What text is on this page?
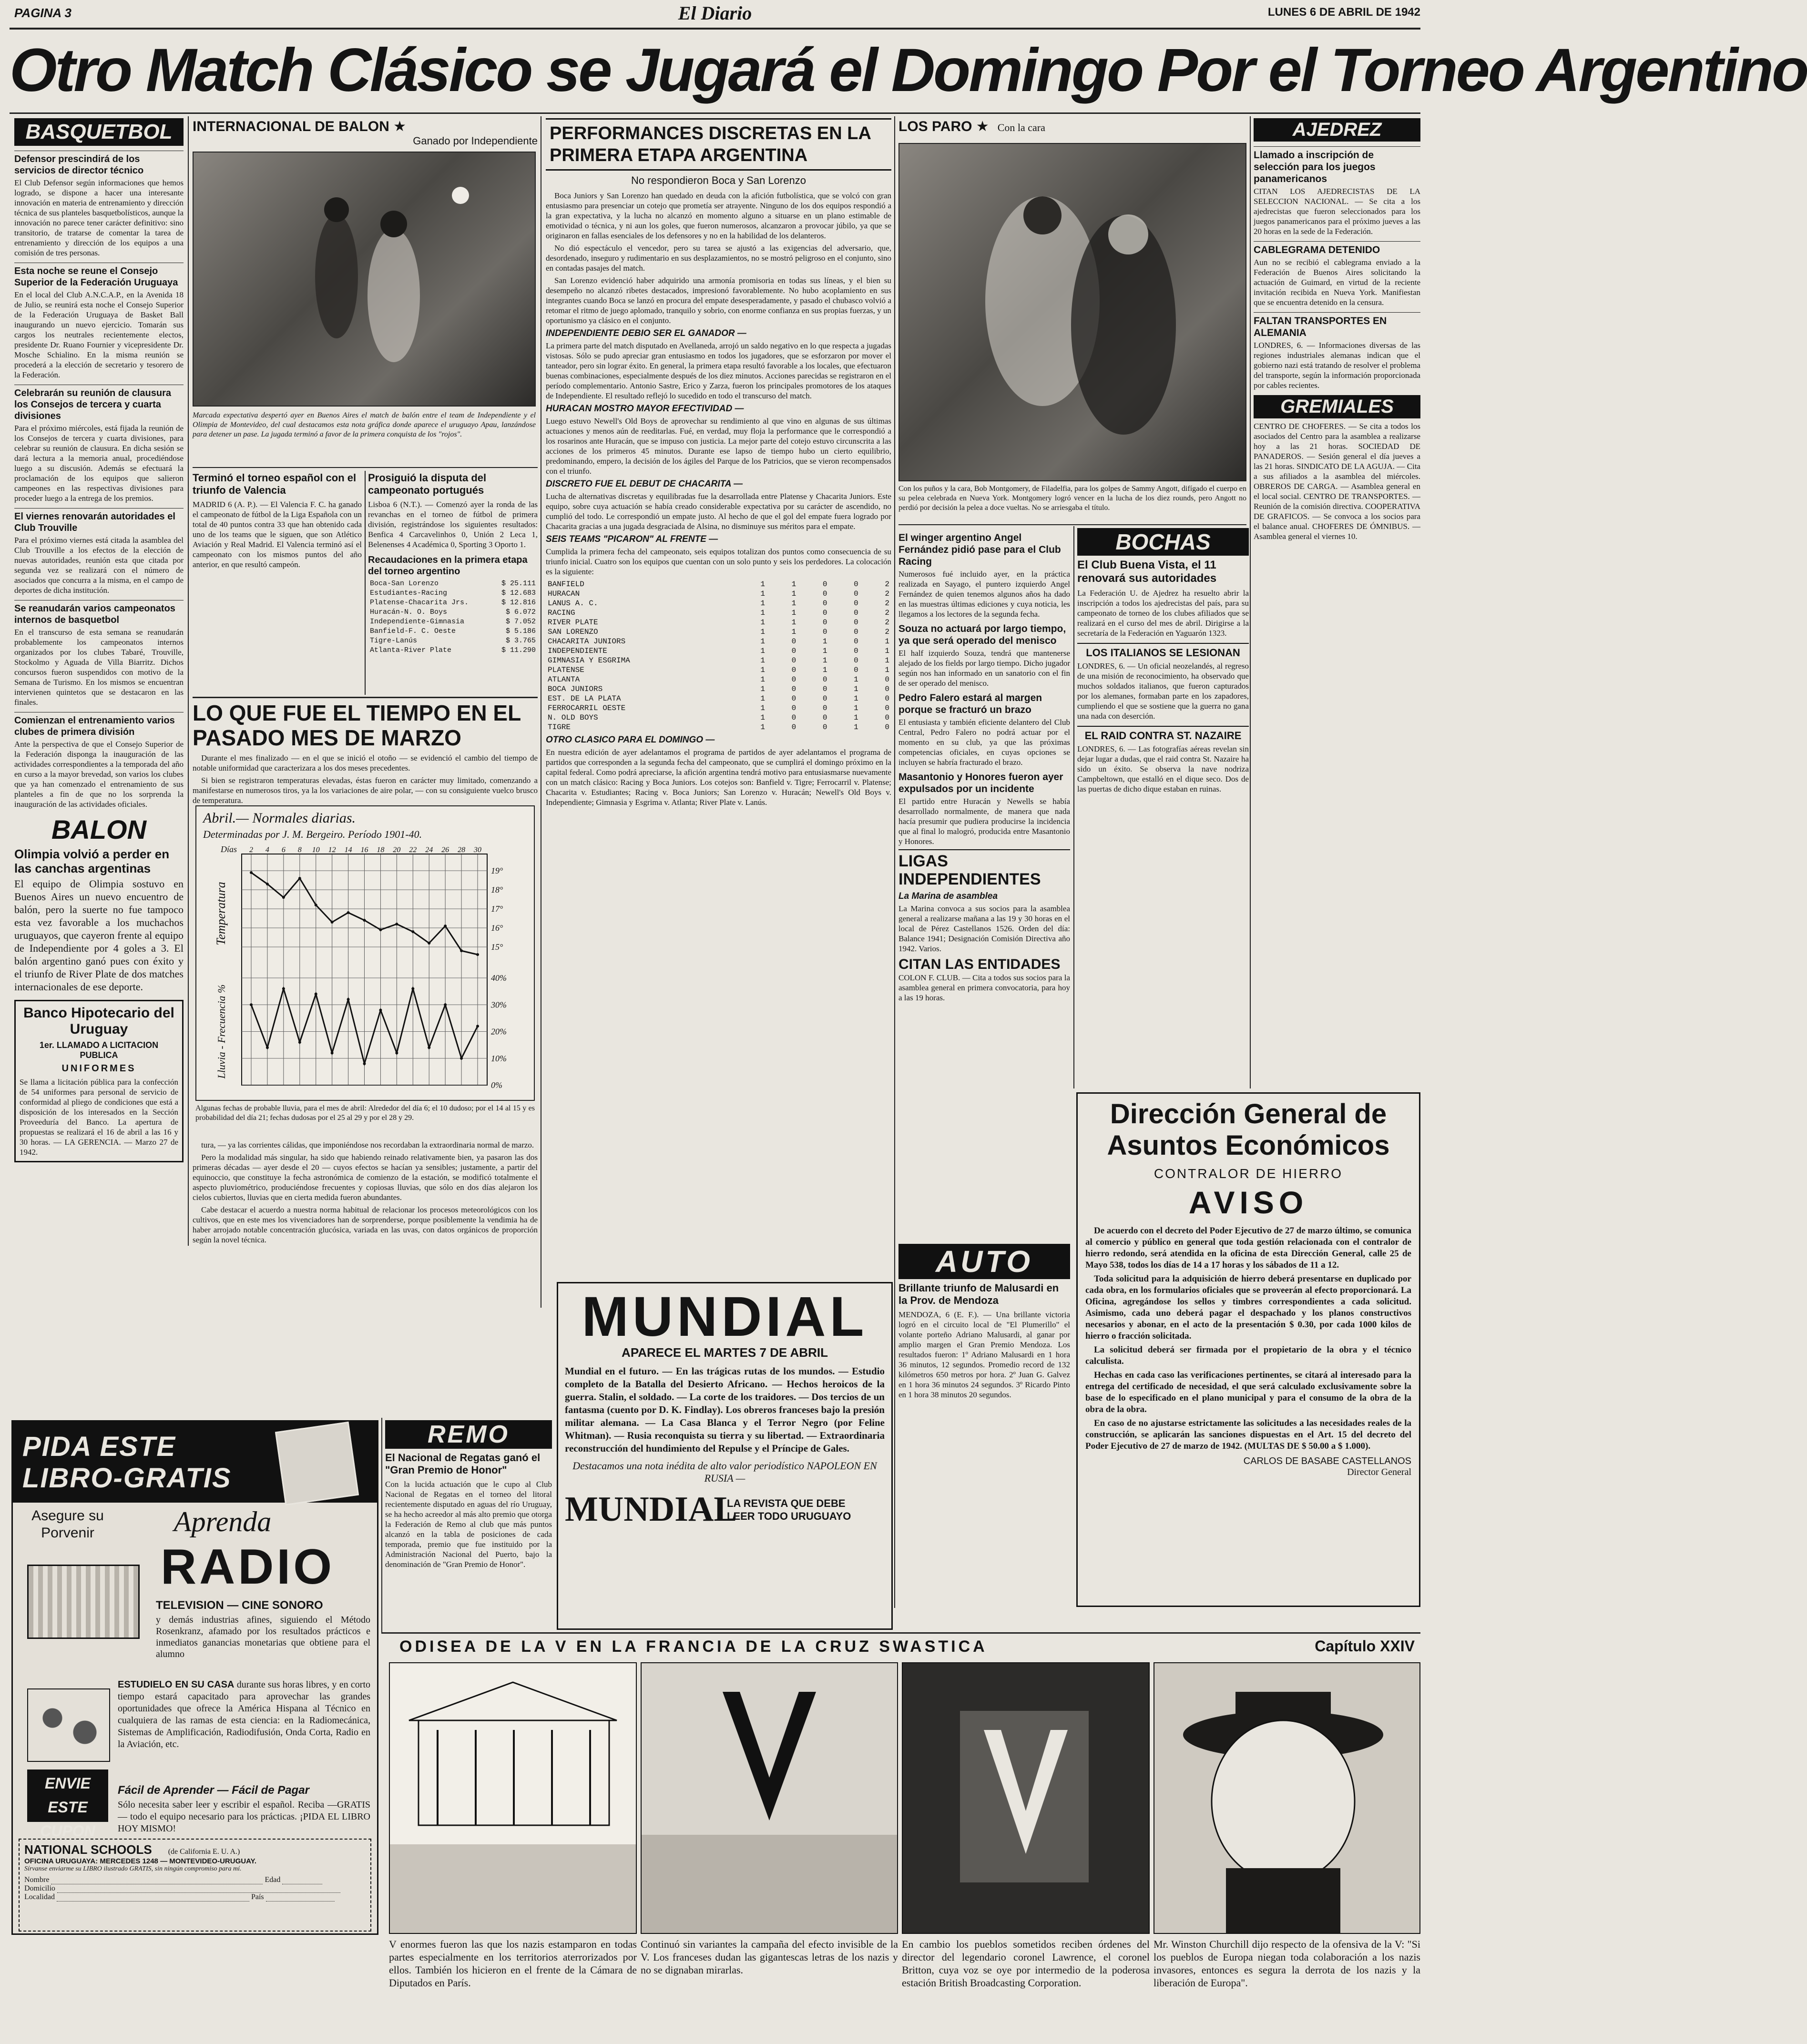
PAGINA 3	El Diario	LUNES 6 DE ABRIL DE 1942
Otro Match Clásico se Jugará el Domingo Por el Torneo Argentino
BASQUETBOL
Defensor prescindirá de los servicios de director técnico
El Club Defensor según informaciones que hemos logrado, se dispone a hacer una interesante innovación en materia de entrenamiento y dirección técnica de sus planteles basquetbolísticos, aunque la innovación no parece tener carácter definitivo: sino transitorio, de tratarse de comentar la tarea de entrenamiento y dirección de los equipos a una comisión de tres personas.
Esta noche se reune el Consejo Superior de la Federación Uruguaya
En el local del Club A.N.C.A.P., en la Avenida 18 de Julio, se reunirá esta noche el Consejo Superior de la Federación Uruguaya de Basket Ball inaugurando un nuevo ejercicio. Tomarán sus cargos los neutrales recientemente electos, presidente Dr. Ruano Fournier y vicepresidente Dr. Mosche Schialino. En la misma reunión se procederá a la elección de secretario y tesorero de la Federación.
Celebrarán su reunión de clausura los Consejos de tercera y cuarta divisiones
Para el próximo miércoles, está fijada la reunión de los Consejos de tercera y cuarta divisiones, para celebrar su reunión de clausura. En dicha sesión se dará lectura a la memoria anual, procediéndose luego a su discusión. Además se efectuará la proclamación de los equipos que salieron campeones en las respectivas divisiones para proceder luego a la entrega de los premios.
El viernes renovarán autoridades el Club Trouville
Para el próximo viernes está citada la asamblea del Club Trouville a los efectos de la elección de nuevas autoridades, reunión esta que citada por segunda vez se realizará con el número de asociados que concurra a la misma, en el campo de deportes de dicha institución.
Se reanudarán varios campeonatos internos de basquetbol
En el transcurso de esta semana se reanudarán probablemente los campeonatos internos organizados por los clubes Tabaré, Trouville, Stockolmo y Aguada de Villa Biarritz. Dichos concursos fueron suspendidos con motivo de la Semana de Turismo. En los mismos se encuentran intervienen quintetos que se destacaron en las finales.
Comienzan el entrenamiento varios clubes de primera división
Ante la perspectiva de que el Consejo Superior de la Federación disponga la inauguración de las actividades correspondientes a la temporada del año en curso a la mayor brevedad, son varios los clubes que ya han comenzado el entrenamiento de sus planteles a fin de que no los sorprenda la inauguración de las actividades oficiales.
BALON
Olimpia volvió a perder en las canchas argentinas
El equipo de Olimpia sostuvo en Buenos Aires un nuevo encuentro de balón, pero la suerte no fue tampoco esta vez favorable a los muchachos uruguayos, que cayeron frente al equipo de Independiente por 4 goles a 3. El balón argentino ganó pues con éxito y el triunfo de River Plate de dos matches internacionales de ese deporte.
Banco Hipotecario del Uruguay
1er. LLAMADO A LICITACION PUBLICA
UNIFORMES
Se llama a licitación pública para la confección de 54 uniformes para personal de servicio de conformidad al pliego de condiciones que está a disposición de los interesados en la Sección Proveeduría del Banco. La apertura de propuestas se realizará el 16 de abril a las 16 y 30 horas. — LA GERENCIA. — Marzo 27 de 1942.
INTERNACIONAL DE BALON ★
Ganado por Independiente
Marcada expectativa despertó ayer en Buenos Aires el match de balón entre el team de Independiente y el Olimpia de Montevideo, del cual destacamos esta nota gráfica donde aparece el uruguayo Apau, lanzándose para detener un pase. La jugada terminó a favor de la primera conquista de los "rojos".
Terminó el torneo español con el triunfo de Valencia
MADRID 6 (A. P.). — El Valencia F. C. ha ganado el campeonato de fútbol de la Liga Española con un total de 40 puntos contra 33 que han obtenido cada uno de los teams que le siguen, que son Atlético Aviación y Real Madrid. El Valencia terminó así el campeonato con los mismos puntos del año anterior, en que resultó campeón.
Prosiguió la disputa del campeonato portugués
Lisboa 6 (N.T.). — Comenzó ayer la ronda de las revanchas en el torneo de fútbol de primera división, registrándose los siguientes resultados: Benfica 4 Carcavelinhos 0, Unión 2 Leca 1, Belenenses 4 Académica 0, Sporting 3 Oporto 1.
Recaudaciones en la primera etapa del torneo argentino
Boca-San Lorenzo	$ 25.111
Estudiantes-Racing	$ 12.683
Platense-Chacarita Jrs.	$ 12.816
Huracán-N. O. Boys	$ 6.072
Independiente-Gimnasia	$ 7.052
Banfield-F. C. Oeste	$ 5.186
Tigre-Lanús	$ 3.765
Atlanta-River Plate	$ 11.290
LO QUE FUE EL TIEMPO EN EL PASADO MES DE MARZO

Durante el mes finalizado — en el que se inició el otoño — se evidenció el cambio del tiempo de notable uniformidad que caracterizara a los dos meses precedentes.

Si bien se registraron temperaturas elevadas, éstas fueron en carácter muy limitado, comenzando a manifestarse en numerosos tiros, ya la los variaciones de aire polar, — con su consiguiente vuelco brusco de temperatura.

Abril.— Normales diarias.
Determinadas por J. M. Bergeiro. Período 1901-40.
Días 2 4 6 8 10 12 14 16 18 20 22 24 26 28 30
19°
18°
17°
16°
15°
40%
30%
20%
10%
0%
Temperatura
Lluvia - Frecuencia %
Algunas fechas de probable lluvia, para el mes de abril: Alrededor del día 6; el 10 dudoso; por el 14 al 15 y es probabilidad del día 21; fechas dudosas por el 25 al 29 y por el 28 y 29.

tura, — ya las corrientes cálidas, que imponiéndose nos recordaban la extraordinaria normal de marzo.

Pero la modalidad más singular, ha sido que habiendo reinado relativamente bien, ya pasaron las dos primeras décadas — ayer desde el 20 — cuyos efectos se hacían ya sensibles; justamente, a partir del equinoccio, que constituye la fecha astronómica de comienzo de la estación, se modificó totalmente el aspecto pluviométrico, produciéndose frecuentes y copiosas lluvias, que sólo en dos días alejaron los cielos cubiertos, lluvias que en cierta medida fueron abundantes.

Cabe destacar el acuerdo a nuestra norma habitual de relacionar los procesos meteorológicos con los cultivos, que en este mes los vivenciadores han de sorprenderse, porque posiblemente la vendimia ha de haber arrojado notable concentración glucósica, variada en las uvas, con datos orgánicos de proporción según la novel técnica.

PERFORMANCES DISCRETAS EN LA PRIMERA ETAPA ARGENTINA
No respondieron Boca y San Lorenzo

Boca Juniors y San Lorenzo han quedado en deuda con la afición futbolística, que se volcó con gran entusiasmo para presenciar un cotejo que prometía ser atrayente. Ninguno de los dos equipos respondió a la gran expectativa, y la lucha no alcanzó en momento alguno a situarse en un plano estimable de emotividad o técnica, y ni aun los goles, que fueron numerosos, alcanzaron a provocar júbilo, ya que se originaron en fallas esenciales de los defensores y no en la habilidad de los delanteros.

No dió espectáculo el vencedor, pero su tarea se ajustó a las exigencias del adversario, que, desordenado, inseguro y rudimentario en sus desplazamientos, no se mostró peligroso en el conjunto, sino en contadas pasajes del match.

San Lorenzo evidenció haber adquirido una armonía promisoria en todas sus líneas, y el bien su desempeño no alcanzó ribetes destacados, impresionó favorablemente. No hubo acoplamiento en sus integrantes cuando Boca se lanzó en procura del empate desesperadamente, y pasado el chubasco volvió a retomar el ritmo de juego aplomado, tranquilo y sobrio, con enorme confianza en sus propias fuerzas, y un oportunismo ya clásico en el conjunto.

INDEPENDIENTE DEBIO SER EL GANADOR —
La primera parte del match disputado en Avellaneda, arrojó un saldo negativo en lo que respecta a jugadas vistosas. Sólo se pudo apreciar gran entusiasmo en todos los jugadores, que se esforzaron por mover el tanteador, pero sin lograr éxito. En general, la primera etapa resultó favorable a los locales, que efectuaron buenas combinaciones, especialmente después de los diez minutos. Acciones parecidas se registraron en el período complementario. Antonio Sastre, Erico y Zarza, fueron los principales promotores de los ataques de Independiente. El resultado reflejó lo sucedido en todo el transcurso del match.
HURACAN MOSTRO MAYOR EFECTIVIDAD —
Luego estuvo Newell's Old Boys de aprovechar su rendimiento al que vino en algunas de sus últimas actuaciones y menos aún de reeditarlas. Fué, en verdad, muy floja la performance que le correspondió a los rosarinos ante Huracán, que se impuso con justicia. La mejor parte del cotejo estuvo circunscrita a las acciones de los primeros 45 minutos. Durante ese lapso de tiempo hubo un cierto equilibrio, predominando, empero, la decisión de los ágiles del Parque de los Patricios, que se vieron recompensados con el triunfo.
DISCRETO FUE EL DEBUT DE CHACARITA —
Lucha de alternativas discretas y equilibradas fue la desarrollada entre Platense y Chacarita Juniors. Este equipo, sobre cuya actuación se había creado considerable expectativa por su carácter de ascendido, no cumplió del todo. Le correspondió un empate justo. Al hecho de que el gol del empate fuera logrado por Chacarita gracias a una jugada desgraciada de Alsina, no disminuye sus méritos para el empate.
SEIS TEAMS "PICARON" AL FRENTE —
Cumplida la primera fecha del campeonato, seis equipos totalizan dos puntos como consecuencia de su triunfo inicial. Cuatro son los equipos que cuentan con un solo punto y seis los perdedores. La colocación es la siguiente:
BANFIELD	1	1	0	0	2
HURACAN	1	1	0	0	2
LANUS A. C.	1	1	0	0	2
RACING	1	1	0	0	2
RIVER PLATE	1	1	0	0	2
SAN LORENZO	1	1	0	0	2
CHACARITA JUNIORS	1	0	1	0	1
INDEPENDIENTE	1	0	1	0	1
GIMNASIA Y ESGRIMA	1	0	1	0	1
PLATENSE	1	0	1	0	1
ATLANTA	1	0	0	1	0
BOCA JUNIORS	1	0	0	1	0
EST. DE LA PLATA	1	0	0	1	0
FERROCARRIL OESTE	1	0	0	1	0
N. OLD BOYS	1	0	0	1	0
TIGRE	1	0	0	1	0
OTRO CLASICO PARA EL DOMINGO —
En nuestra edición de ayer adelantamos el programa de partidos de ayer adelantamos el programa de partidos que corresponden a la segunda fecha del campeonato, que se cumplirá el domingo próximo en la capital federal. Como podrá apreciarse, la afición argentina tendrá motivo para entusiasmarse nuevamente con un match clásico: Racing y Boca Juniors. Los cotejos son: Banfield v. Tigre; Ferrocarril v. Platense; Chacarita v. Estudiantes; Racing v. Boca Juniors; San Lorenzo v. Huracán; Newell's Old Boys v. Independiente; Gimnasia y Esgrima v. Atlanta; River Plate v. Lanús.
LOS PARO ★ Con la cara
Con los puños y la cara, Bob Montgomery, de Filadelfia, para los golpes de Sammy Angott, difígado el cuerpo en su pelea celebrada en Nueva York. Montgomery logró vencer en la lucha de los diez rounds, pero Angott no perdió por decisión la pelea a doce vueltas. No se arriesgaba el título.
El winger argentino Angel Fernández pidió pase para el Club Racing
Numerosos fué incluido ayer, en la práctica realizada en Sayago, el puntero izquierdo Angel Fernández de quien tenemos algunos años ha dado en las muestras últimas ediciones y cuya noticia, les llegamos a los lectores de la segunda fecha.
Souza no actuará por largo tiempo, ya que será operado del menisco
El half izquierdo Souza, tendrá que mantenerse alejado de los fields por largo tiempo. Dicho jugador según nos han informado en un sanatorio con el fin de ser operado del menisco.
Pedro Falero estará al margen porque se fracturó un brazo
El entusiasta y también eficiente delantero del Club Central, Pedro Falero no podrá actuar por el momento en su club, ya que las próximas competencias oficiales, en cuyas opciones se incluyen se habría fracturado el brazo.
Masantonio y Honores fueron ayer expulsados por un incidente
El partido entre Huracán y Newells se había desarrollado normalmente, de manera que nada hacía presumir que pudiera producirse la incidencia que al final lo malogró, producida entre Masantonio y Honores.
LIGAS INDEPENDIENTES
La Marina de asamblea
La Marina convoca a sus socios para la asamblea general a realizarse mañana a las 19 y 30 horas en el local de Pérez Castellanos 1526. Orden del día: Balance 1941; Designación Comisión Directiva año 1942. Varios.
CITAN LAS ENTIDADES
COLON F. CLUB. — Cita a todos sus socios para la asamblea general en primera convocatoria, para hoy a las 19 horas.
BOCHAS
El Club Buena Vista, el 11 renovará sus autoridades
La Federación U. de Ajedrez ha resuelto abrir la inscripción a todos los ajedrecistas del país, para su campeonato de torneo de los clubes afiliados que se realizará en el curso del mes de abril. Dirigirse a la secretaría de la Federación en Yaguarón 1323.
LOS ITALIANOS SE LESIONAN
LONDRES, 6. — Un oficial neozelandés, al regreso de una misión de reconocimiento, ha observado que muchos soldados italianos, que fueron capturados por los alemanes, formaban parte en los zapadores, cumpliendo el que se sostiene que la guerra no gana una nada con deserción.
EL RAID CONTRA ST. NAZAIRE
LONDRES, 6. — Las fotografías aéreas revelan sin dejar lugar a dudas, que el raid contra St. Nazaire ha sido un éxito. Se observa la nave nodriza Campbeltown, que estalló en el dique seco. Dos de las puertas de dicho dique estaban en ruinas.
AUTO
Brillante triunfo de Malusardi en la Prov. de Mendoza
MENDOZA, 6 (E. F.). — Una brillante victoria logró en el circuito local de "El Plumerillo" el volante porteño Adriano Malusardi, al ganar por amplio margen el Gran Premio Mendoza. Los resultados fueron: 1º Adriano Malusardi en 1 hora 36 minutos, 12 segundos. Promedio record de 132 kilómetros 650 metros por hora. 2º Juan G. Galvez en 1 hora 36 minutos 24 segundos. 3º Ricardo Pinto en 1 hora 38 minutos 20 segundos.
AJEDREZ
Llamado a inscripción de selección para los juegos panamericanos
CITAN LOS AJEDRECISTAS DE LA SELECCION NACIONAL. — Se cita a los ajedrecistas que fueron seleccionados para los juegos panamericanos para el próximo jueves a las 20 horas en la sede de la Federación.
CABLEGRAMA DETENIDO
Aun no se recibió el cablegrama enviado a la Federación de Buenos Aires solicitando la actuación de Guimard, en virtud de la reciente invitación recibida en Nueva York. Manifiestan que se encuentra detenido en la censura.
FALTAN TRANSPORTES EN ALEMANIA
LONDRES, 6. — Informaciones diversas de las regiones industriales alemanas indican que el gobierno nazi está tratando de resolver el problema del transporte, según la información proporcionada por cables recientes.
GREMIALES
CENTRO DE CHOFERES. — Se cita a todos los asociados del Centro para la asamblea a realizarse hoy a las 21 horas. SOCIEDAD DE PANADEROS. — Sesión general el día jueves a las 21 horas. SINDICATO DE LA AGUJA. — Cita a sus afiliados a la asamblea del miércoles. OBREROS DE CARGA. — Asamblea general en el local social. CENTRO DE TRANSPORTES. — Reunión de la comisión directiva. COOPERATIVA DE GRAFICOS. — Se convoca a los socios para el balance anual. CHOFERES DE ÓMNIBUS. — Asamblea general el viernes 10.
Dirección General de
Asuntos Económicos
CONTRALOR DE HIERRO
AVISO

De acuerdo con el decreto del Poder Ejecutivo de 27 de marzo último, se comunica al comercio y público en general que toda gestión relacionada con el contralor de hierro redondo, será atendida en la oficina de esta Dirección General, calle 25 de Mayo 538, todos los días de 14 a 17 horas y los sábados de 11 a 12.

Toda solicitud para la adquisición de hierro deberá presentarse en duplicado por cada obra, en los formularios oficiales que se proveerán al efecto proporcionará. La Oficina, agregándose los sellos y timbres correspondientes a cada solicitud. Asimismo, cada uno deberá pagar el despachado y los planos constructivos necesarios y abonar, en el acto de la presentación $ 0.30, por cada 1000 kilos de hierro o fracción solicitada.

La solicitud deberá ser firmada por el propietario de la obra y el técnico calculista.

Hechas en cada caso las verificaciones pertinentes, se citará al interesado para la entrega del certificado de necesidad, el que será calculado exclusivamente sobre la base de lo especificado en el plano municipal y para el consumo de la obra de la obra de la obra.

En caso de no ajustarse estrictamente las solicitudes a las necesidades reales de la construcción, se aplicarán las sanciones dispuestas en el Art. 15 del decreto del Poder Ejecutivo de 27 de marzo de 1942. (MULTAS DE $ 50.00 a $ 1.000).

CARLOS DE BASABE CASTELLANOS
Director General
PIDA ESTE LIBRO-GRATIS
Asegure su Porvenir	Aprenda
RADIO
TELEVISION — CINE SONORO
y demás industrias afines, siguiendo el Método Rosenkranz, afamado por los resultados prácticos e inmediatos ganancias monetarias que obtiene para el alumno
ESTUDIELO EN SU CASA durante sus horas libres, y en corto tiempo estará capacitado para aprovechar las grandes oportunidades que ofrece la América Hispana al Técnico en cualquiera de las ramas de esta ciencia: en la Radiomecánica, Sistemas de Amplificación, Radiodifusión, Onda Corta, Radio en la Aviación, etc.
Fácil de Aprender — Fácil de Pagar
Sólo necesita saber leer y escribir el español. Reciba —GRATIS— todo el equipo necesario para los prácticas. ¡PIDA EL LIBRO HOY MISMO!
ENVIE ESTE CUPON
NATIONAL SCHOOLS (de California E. U. A.)
OFICINA URUGUAYA: MERCEDES 1248 — MONTEVIDEO-URUGUAY.
Sírvanse enviarme su LIBRO ilustrado GRATIS, sin ningún compromiso para mí.
Nombre	Edad
Domicilio
Localidad	País
REMO
El Nacional de Regatas ganó el "Gran Premio de Honor"
Con la lucida actuación que le cupo al Club Nacional de Regatas en el torneo del litoral recientemente disputado en aguas del río Uruguay, se ha hecho acreedor al más alto premio que otorga la Federación de Remo al club que más puntos alcanzó en la tabla de posiciones de cada temporada, premio que fue instituido por la Administración Nacional del Puerto, bajo la denominación de "Gran Premio de Honor".
MUNDIAL
APARECE EL MARTES 7 DE ABRIL
Mundial en el futuro. — En las trágicas rutas de los mundos. — Estudio completo de la Batalla del Desierto Africano. — Hechos heroicos de la guerra. Stalin, el soldado. — La corte de los traidores. — Dos tercios de un fantasma (cuento por D. K. Findlay). Los obreros franceses bajo la presión militar alemana. — La Casa Blanca y el Terror Negro (por Feline Whitman). — Rusia reconquista su tierra y su libertad. — Extraordinaria reconstrucción del hundimiento del Repulse y el Príncipe de Gales.
Destacamos una nota inédita de alto valor periodístico NAPOLEON EN RUSIA —
MUNDIAL
LA REVISTA QUE DEBE LEER TODO URUGUAYO
ODISEA DE LA V EN LA FRANCIA DE LA CRUZ SWASTICA	Capítulo XXIV
V enormes fueron las que los nazis estamparon en todas partes especialmente en los territorios aterrorizados por ellos. También los hicieron en el frente de la Cámara de Diputados en París.
Continuó sin variantes la campaña del efecto invisible de la V. Los franceses dudan las gigantescas letras de los nazis y no se dignaban mirarlas.
En cambio los pueblos sometidos reciben órdenes del director del legendario coronel Lawrence, el coronel Britton, cuya voz se oye por intermedio de la poderosa estación British Broadcasting Corporation.
Mr. Winston Churchill dijo respecto de la ofensiva de la V: "Si los pueblos de Europa niegan toda colaboración a los nazis invasores, entonces es segura la derrota de los nazis y la liberación de Europa".
